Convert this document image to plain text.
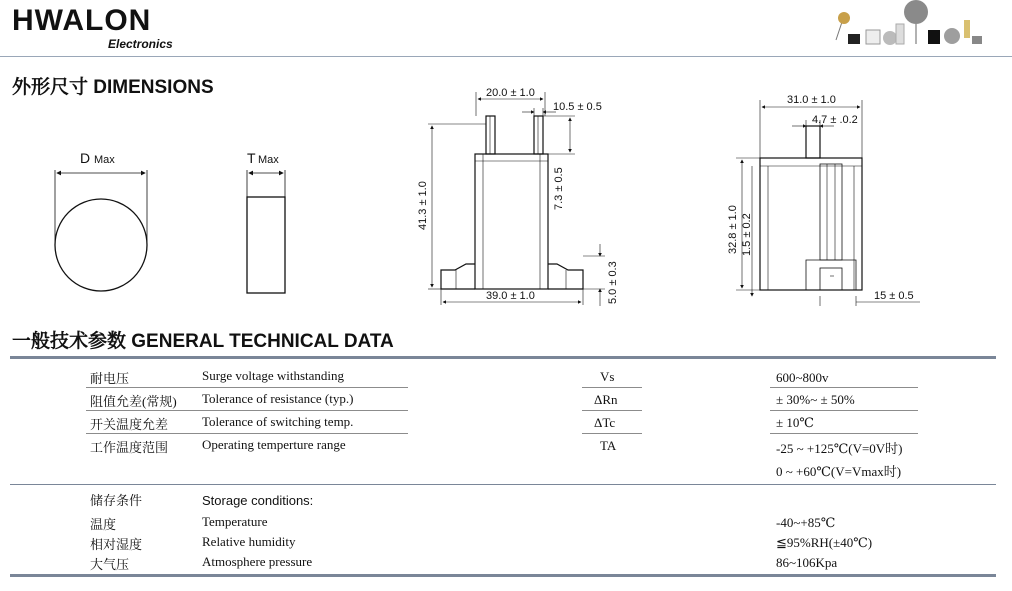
HWALON
Electronics
外形尺寸 DIMENSIONS
D Max	T Max
20.0 ± 1.0
10.5 ± 0.5
41.3 ± 1.0	7.3 ± 0.5
39.0 ± 1.0	5.0 ± 0.3
31.0 ± 1.0
4.7 ± .0.2
32.8 ± 1.0 1.5 ± 0.2
15 ± 0.5
一般技术参数 GENERAL TECHNICAL DATA
耐电压	Surge voltage withstanding	Vs	600~800v
阻值允差(常规) Tolerance of resistance (typ.)	ΔRn	± 30%~ ± 50%
开关温度允差	Tolerance of switching temp.	ΔTc	± 10℃
工作温度范围	Operating temperture range	TA	-25 ~ +125℃(V=0V时)
0 ~ +60℃(V=Vmax时)
储存条件	Storage conditions:
温度	Temperature	-40~+85℃
相对湿度	Relative humidity	≦95%RH(±40℃)
大气压	Atmosphere pressure	86~106Kpa
